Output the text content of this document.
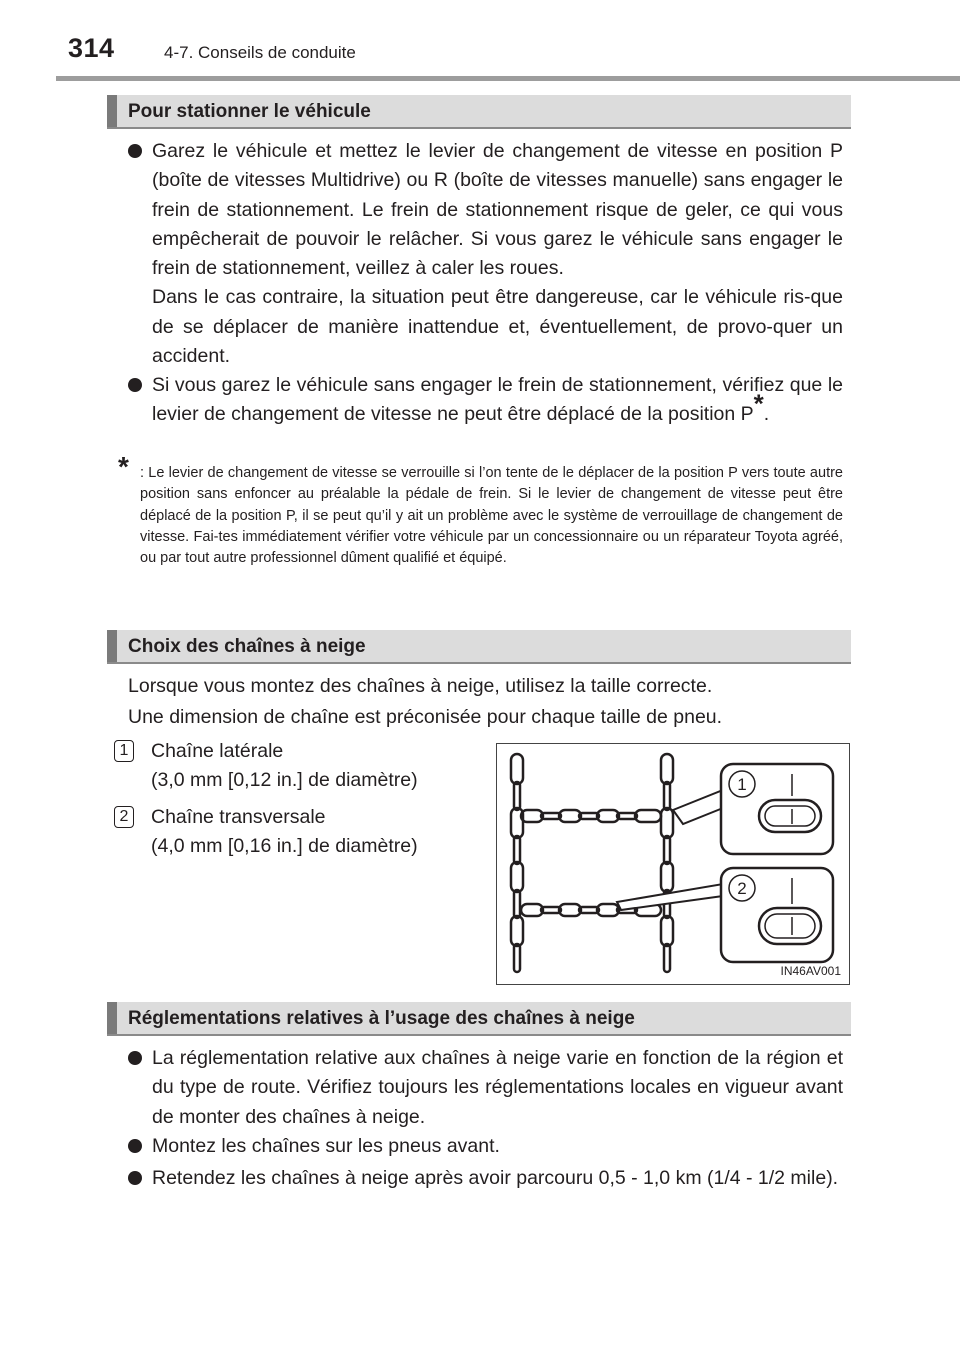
314	4-7. Conseils de conduite
Pour stationner le véhicule

Garez le véhicule et mettez le levier de changement de vitesse en position P (boîte de vitesses Multidrive) ou R (boîte de vitesses manuelle) sans engager le frein de stationnement. Le frein de stationnement risque de geler, ce qui vous empêcherait de pouvoir le relâcher. Si vous garez le véhicule sans engager le frein de stationnement, veillez à caler les roues.

Dans le cas contraire, la situation peut être dangereuse, car le véhicule ris-que de se déplacer de manière inattendue et, éventuellement, de provo-quer un accident.

Si vous garez le véhicule sans engager le frein de stationnement, vérifiez que le levier de changement de vitesse ne peut être déplacé de la position P*.
* : Le levier de changement de vitesse se verrouille si l’on tente de le déplacer de la position P vers toute autre position sans enfoncer au préalable la pédale de frein. Si le levier de changement de vitesse peut être déplacé de la position P, il se peut qu’il y ait un problème avec le système de verrouillage de changement de vitesse. Fai-tes immédiatement vérifier votre véhicule par un concessionnaire ou un réparateur Toyota agréé, ou par tout autre professionnel dûment qualifié et équipé.
Choix des chaînes à neige
Lorsque vous montez des chaînes à neige, utilisez la taille correcte.
Une dimension de chaîne est préconisée pour chaque taille de pneu.
1 Chaîne latérale
(3,0 mm [0,12 in.] de diamètre)
2 Chaîne transversale
(4,0 mm [0,16 in.] de diamètre)
1
2
IN46AV001
Réglementations relatives à l’usage des chaînes à neige
La réglementation relative aux chaînes à neige varie en fonction de la région et du type de route. Vérifiez toujours les réglementations locales en vigueur avant de monter des chaînes à neige.
Montez les chaînes sur les pneus avant.
Retendez les chaînes à neige après avoir parcouru 0,5 - 1,0 km (1/4 - 1/2 mile).
